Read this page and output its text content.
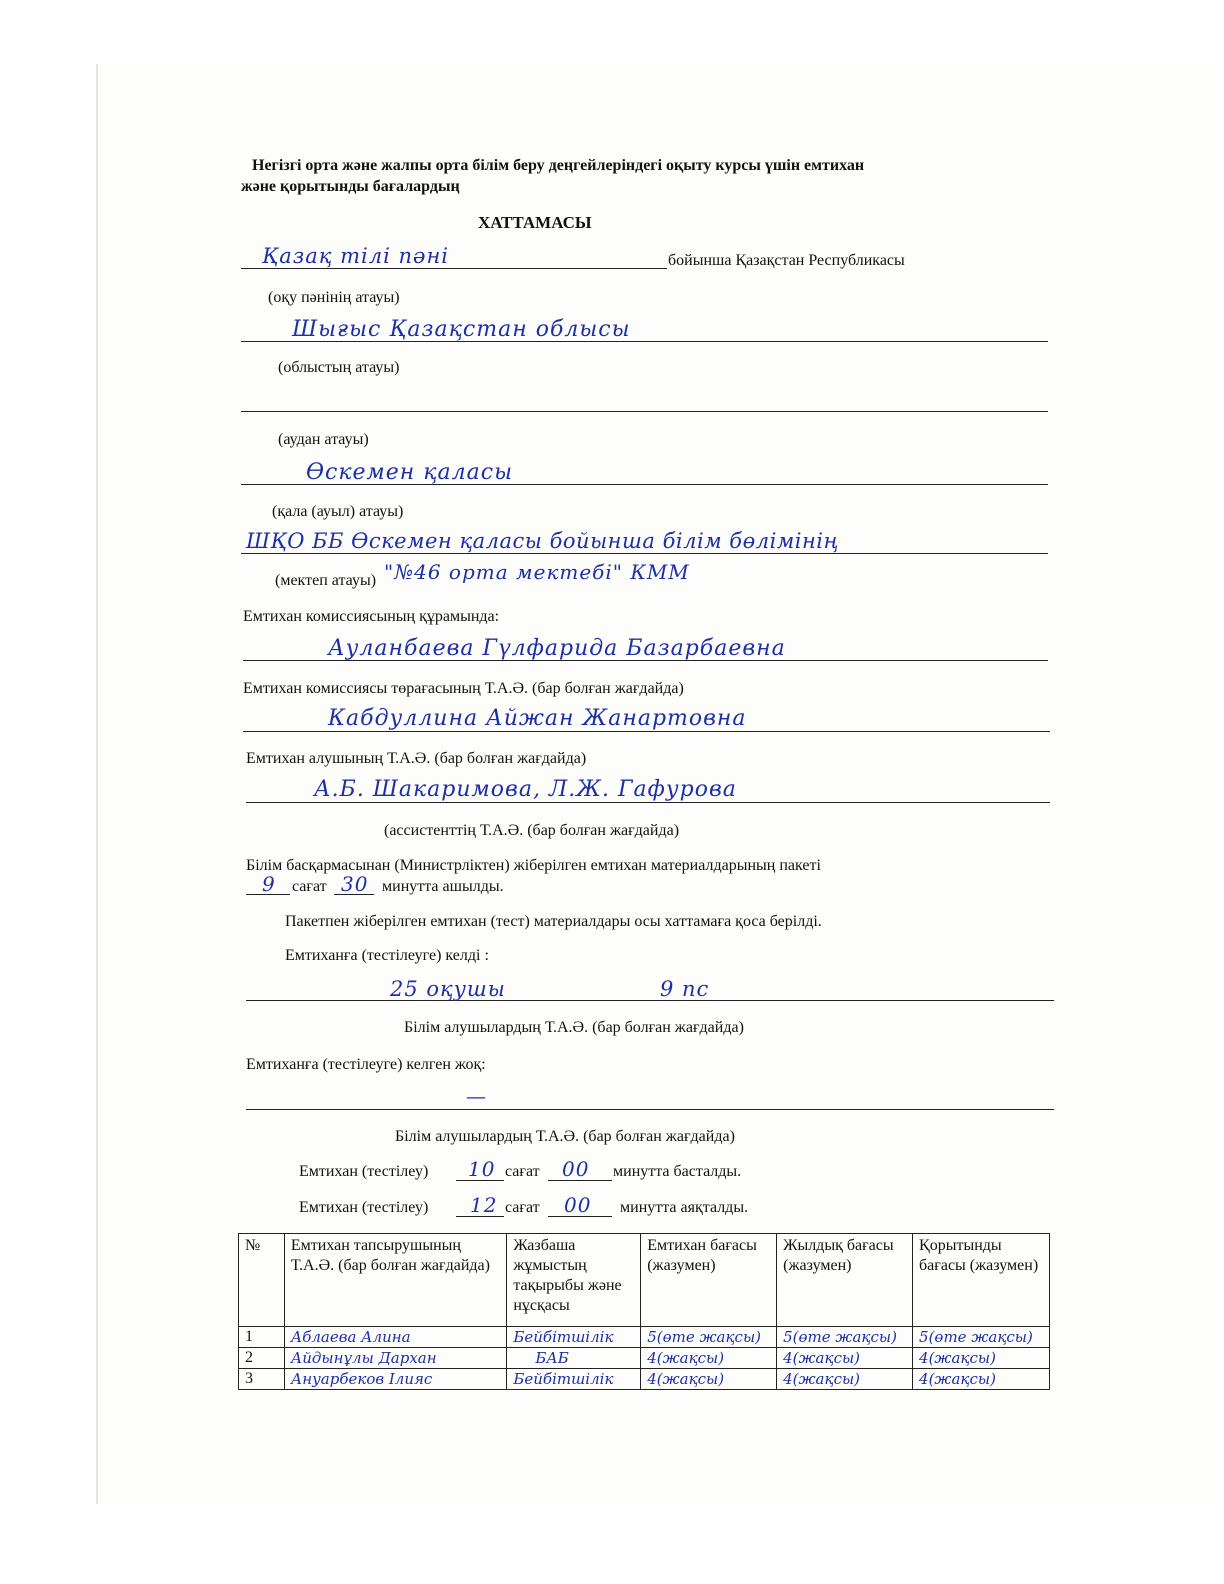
Негізгі орта және жалпы орта білім беру деңгейлеріндегі оқыту курсы үшін емтихан
және қорытынды бағалардың
ХАТТАМАСЫ
Қазақ тілі пәні	бойынша Қазақстан Республикасы
(оқу пәнінің атауы)
Шығыс Қазақстан облысы
(облыстың атауы)
(аудан атауы)
Өскемен қаласы
(қала (ауыл) атауы)
ШҚО ББ Өскемен қаласы бойынша білім бөлімінің
(мектеп атауы) "№46 орта мектебі" КММ
Емтихан комиссиясының құрамында:
Ауланбаева Гүлфарида Базарбаевна
Емтихан комиссиясы төрағасының Т.А.Ә. (бар болған жағдайда)
Кабдуллина Айжан Жанартовна
Емтихан алушының Т.А.Ә. (бар болған жағдайда)
А.Б. Шакаримова, Л.Ж. Гафурова
(ассистенттің Т.А.Ә. (бар болған жағдайда)
Білім басқармасынан (Министрліктен) жіберілген емтихан материалдарының пакеті
9 сағат 30 минутта ашылды.
Пакетпен жіберілген емтихан (тест) материалдары осы хаттамаға қоса берілді.
Емтиханға (тестілеуге) келді :
25 оқушы	9 пс
Білім алушылардың Т.А.Ә. (бар болған жағдайда)
Емтиханға (тестілеуге) келген жоқ:
—
Білім алушылардың Т.А.Ә. (бар болған жағдайда)
Емтихан (тестілеу) 10 сағат 00 минутта басталды.
Емтихан (тестілеу) 12 сағат 00 минутта аяқталды.
№	Емтихан тапсырушының Т.А.Ә. (бар болған жағдайда)	Жазбаша жұмыстың тақырыбы және нұсқасы	Емтихан бағасы (жазумен)	Жылдық бағасы (жазумен)	Қорытынды бағасы (жазумен)
1	Аблаева Алина	Бейбітшілік	5(өте жақсы)	5(өте жақсы)	5(өте жақсы)
2	Айдынұлы Дархан	БАБ	4(жақсы)	4(жақсы)	4(жақсы)
3	Ануарбеков Ілияс	Бейбітшілік	4(жақсы)	4(жақсы)	4(жақсы)
